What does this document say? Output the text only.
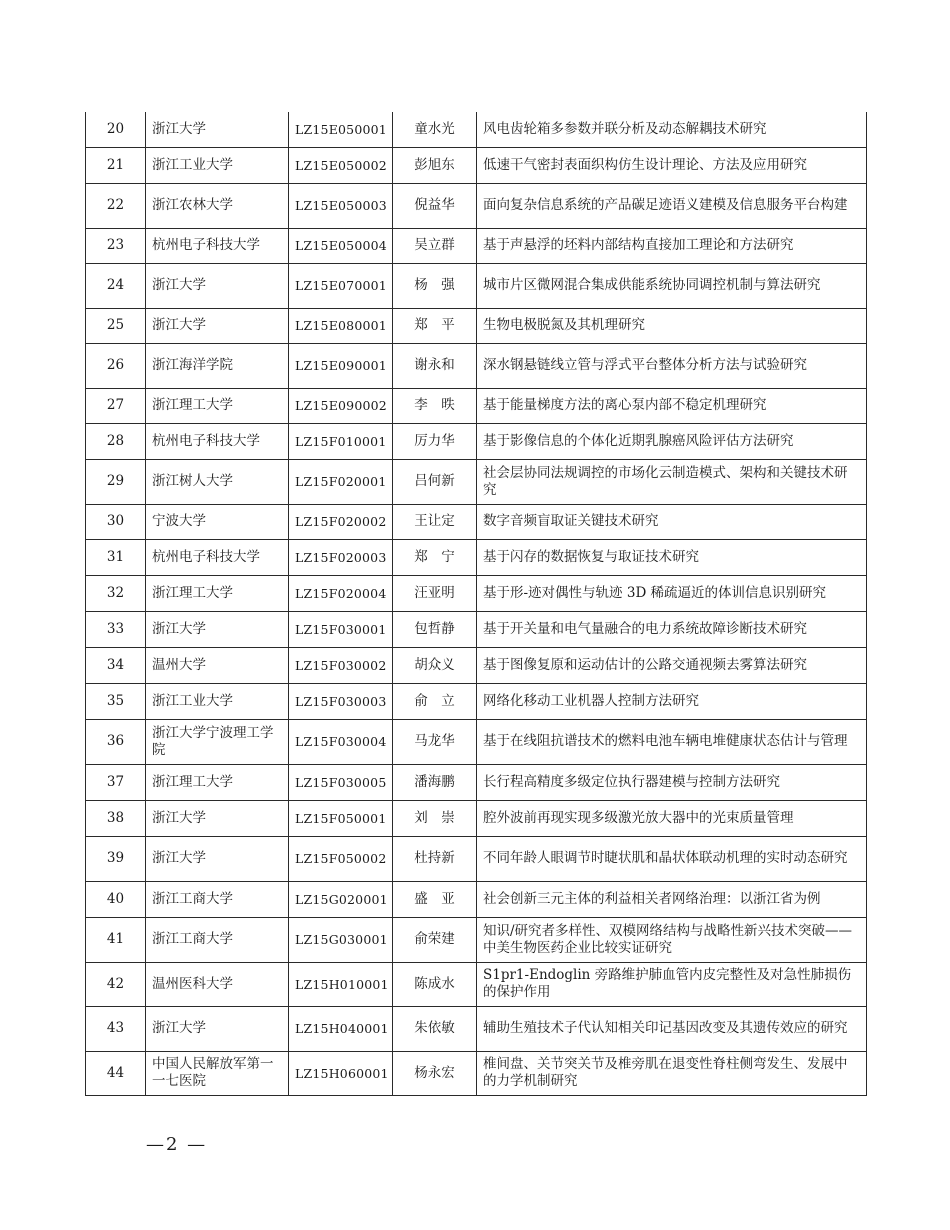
20	浙江大学	LZ15E050001	童水光	风电齿轮箱多参数并联分析及动态解耦技术研究
21	浙江工业大学	LZ15E050002	彭旭东	低速干气密封表面织构仿生设计理论、方法及应用研究
22	浙江农林大学	LZ15E050003	倪益华	面向复杂信息系统的产品碳足迹语义建模及信息服务平台构建
23	杭州电子科技大学	LZ15E050004	吴立群	基于声悬浮的坯料内部结构直接加工理论和方法研究
24	浙江大学	LZ15E070001	杨　强	城市片区微网混合集成供能系统协同调控机制与算法研究
25	浙江大学	LZ15E080001	郑　平	生物电极脱氮及其机理研究
26	浙江海洋学院	LZ15E090001	谢永和	深水钢悬链线立管与浮式平台整体分析方法与试验研究
27	浙江理工大学	LZ15E090002	李　昳	基于能量梯度方法的离心泵内部不稳定机理研究
28	杭州电子科技大学	LZ15F010001	厉力华	基于影像信息的个体化近期乳腺癌风险评估方法研究
29	浙江树人大学	LZ15F020001	吕何新	社会层协同法规调控的市场化云制造模式、架构和关键技术研究
30	宁波大学	LZ15F020002	王让定	数字音频盲取证关键技术研究
31	杭州电子科技大学	LZ15F020003	郑　宁	基于闪存的数据恢复与取证技术研究
32	浙江理工大学	LZ15F020004	汪亚明	基于形-迹对偶性与轨迹 3D 稀疏逼近的体训信息识别研究
33	浙江大学	LZ15F030001	包哲静	基于开关量和电气量融合的电力系统故障诊断技术研究
34	温州大学	LZ15F030002	胡众义	基于图像复原和运动估计的公路交通视频去雾算法研究
35	浙江工业大学	LZ15F030003	俞　立	网络化移动工业机器人控制方法研究
36	浙江大学宁波理工学院	LZ15F030004	马龙华	基于在线阻抗谱技术的燃料电池车辆电堆健康状态估计与管理
37	浙江理工大学	LZ15F030005	潘海鹏	长行程高精度多级定位执行器建模与控制方法研究
38	浙江大学	LZ15F050001	刘　崇	腔外波前再现实现多级激光放大器中的光束质量管理
39	浙江大学	LZ15F050002	杜持新	不同年龄人眼调节时睫状肌和晶状体联动机理的实时动态研究
40	浙江工商大学	LZ15G020001	盛　亚	社会创新三元主体的利益相关者网络治理：以浙江省为例
41	浙江工商大学	LZ15G030001	俞荣建	知识/研究者多样性、双模网络结构与战略性新兴技术突破——中美生物医药企业比较实证研究
42	温州医科大学	LZ15H010001	陈成水	S1pr1-Endoglin 旁路维护肺血管内皮完整性及对急性肺损伤的保护作用
43	浙江大学	LZ15H040001	朱依敏	辅助生殖技术子代认知相关印记基因改变及其遗传效应的研究
44	中国人民解放军第一一七医院	LZ15H060001	杨永宏	椎间盘、关节突关节及椎旁肌在退变性脊柱侧弯发生、发展中的力学机制研究
—2 —
